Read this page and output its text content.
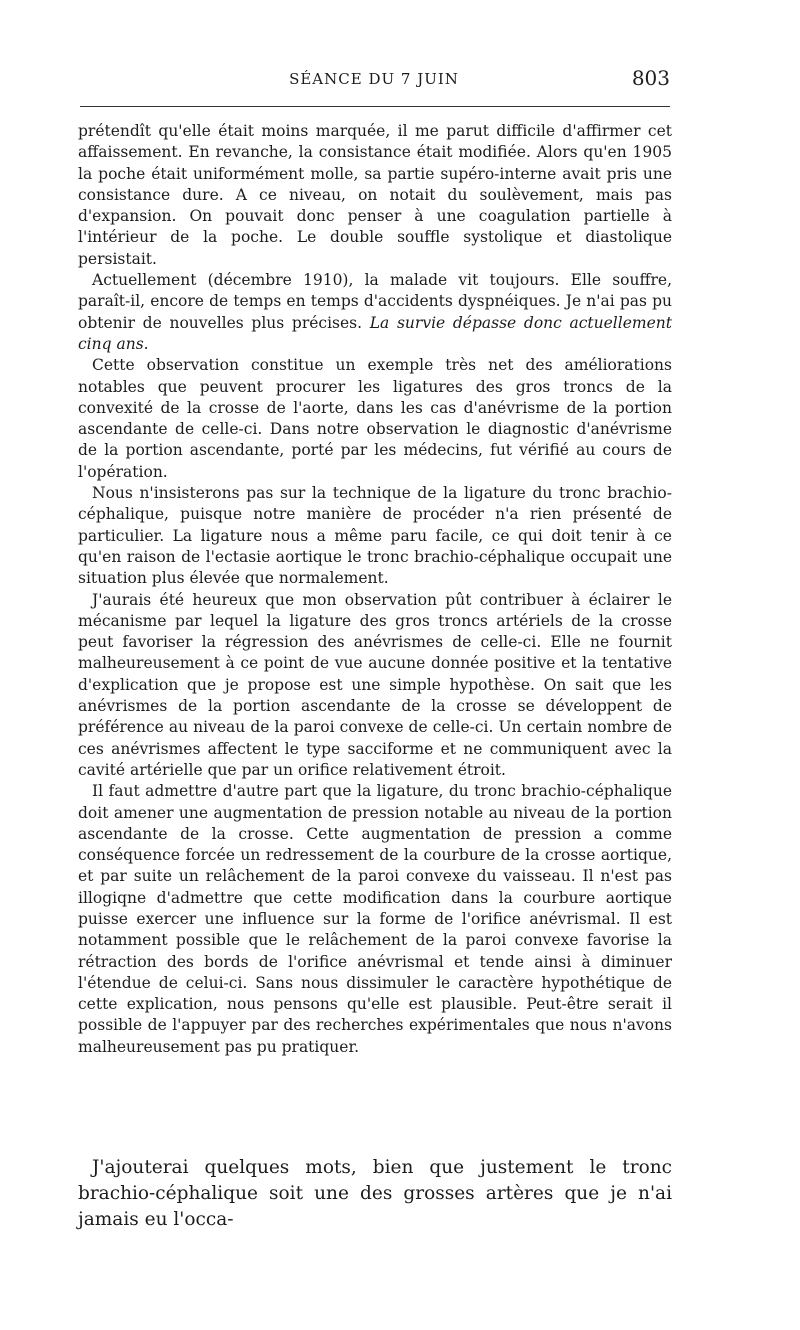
SÉANCE DU 7 JUIN	803

prétendît qu'elle était moins marquée, il me parut difficile d'affirmer cet affaissement. En revanche, la consistance était modifiée. Alors qu'en 1905 la poche était uniformément molle, sa partie supéro-interne avait pris une consistance dure. A ce niveau, on notait du soulèvement, mais pas d'expansion. On pouvait donc penser à une coagulation partielle à l'intérieur de la poche. Le double souffle systolique et diastolique persistait.

Actuellement (décembre 1910), la malade vit toujours. Elle souffre, paraît-il, encore de temps en temps d'accidents dyspnéiques. Je n'ai pas pu obtenir de nouvelles plus précises. La survie dépasse donc actuellement cinq ans.

Cette observation constitue un exemple très net des améliorations notables que peuvent procurer les ligatures des gros troncs de la convexité de la crosse de l'aorte, dans les cas d'anévrisme de la portion ascendante de celle-ci. Dans notre observation le diagnostic d'anévrisme de la portion ascendante, porté par les médecins, fut vérifié au cours de l'opération.

Nous n'insisterons pas sur la technique de la ligature du tronc brachio-céphalique, puisque notre manière de procéder n'a rien présenté de particulier. La ligature nous a même paru facile, ce qui doit tenir à ce qu'en raison de l'ectasie aortique le tronc brachio-céphalique occupait une situation plus élevée que normalement.

J'aurais été heureux que mon observation pût contribuer à éclairer le mécanisme par lequel la ligature des gros troncs artériels de la crosse peut favoriser la régression des anévrismes de celle-ci. Elle ne fournit malheureusement à ce point de vue aucune donnée positive et la tentative d'explication que je propose est une simple hypothèse. On sait que les anévrismes de la portion ascendante de la crosse se développent de préférence au niveau de la paroi convexe de celle-ci. Un certain nombre de ces anévrismes affectent le type sacciforme et ne communiquent avec la cavité artérielle que par un orifice relativement étroit.

Il faut admettre d'autre part que la ligature, du tronc brachio-céphalique doit amener une augmentation de pression notable au niveau de la portion ascendante de la crosse. Cette augmentation de pression a comme conséquence forcée un redressement de la courbure de la crosse aortique, et par suite un relâchement de la paroi convexe du vaisseau. Il n'est pas illogiqne d'admettre que cette modification dans la courbure aortique puisse exercer une influence sur la forme de l'orifice anévrismal. Il est notamment possible que le relâchement de la paroi convexe favorise la rétraction des bords de l'orifice anévrismal et tende ainsi à diminuer l'étendue de celui-ci. Sans nous dissimuler le caractère hypothétique de cette explication, nous pensons qu'elle est plausible. Peut-être serait il possible de l'appuyer par des recherches expérimentales que nous n'avons malheureusement pas pu pratiquer.

J'ajouterai quelques mots, bien que justement le tronc brachio-céphalique soit une des grosses artères que je n'ai jamais eu l'occa-
